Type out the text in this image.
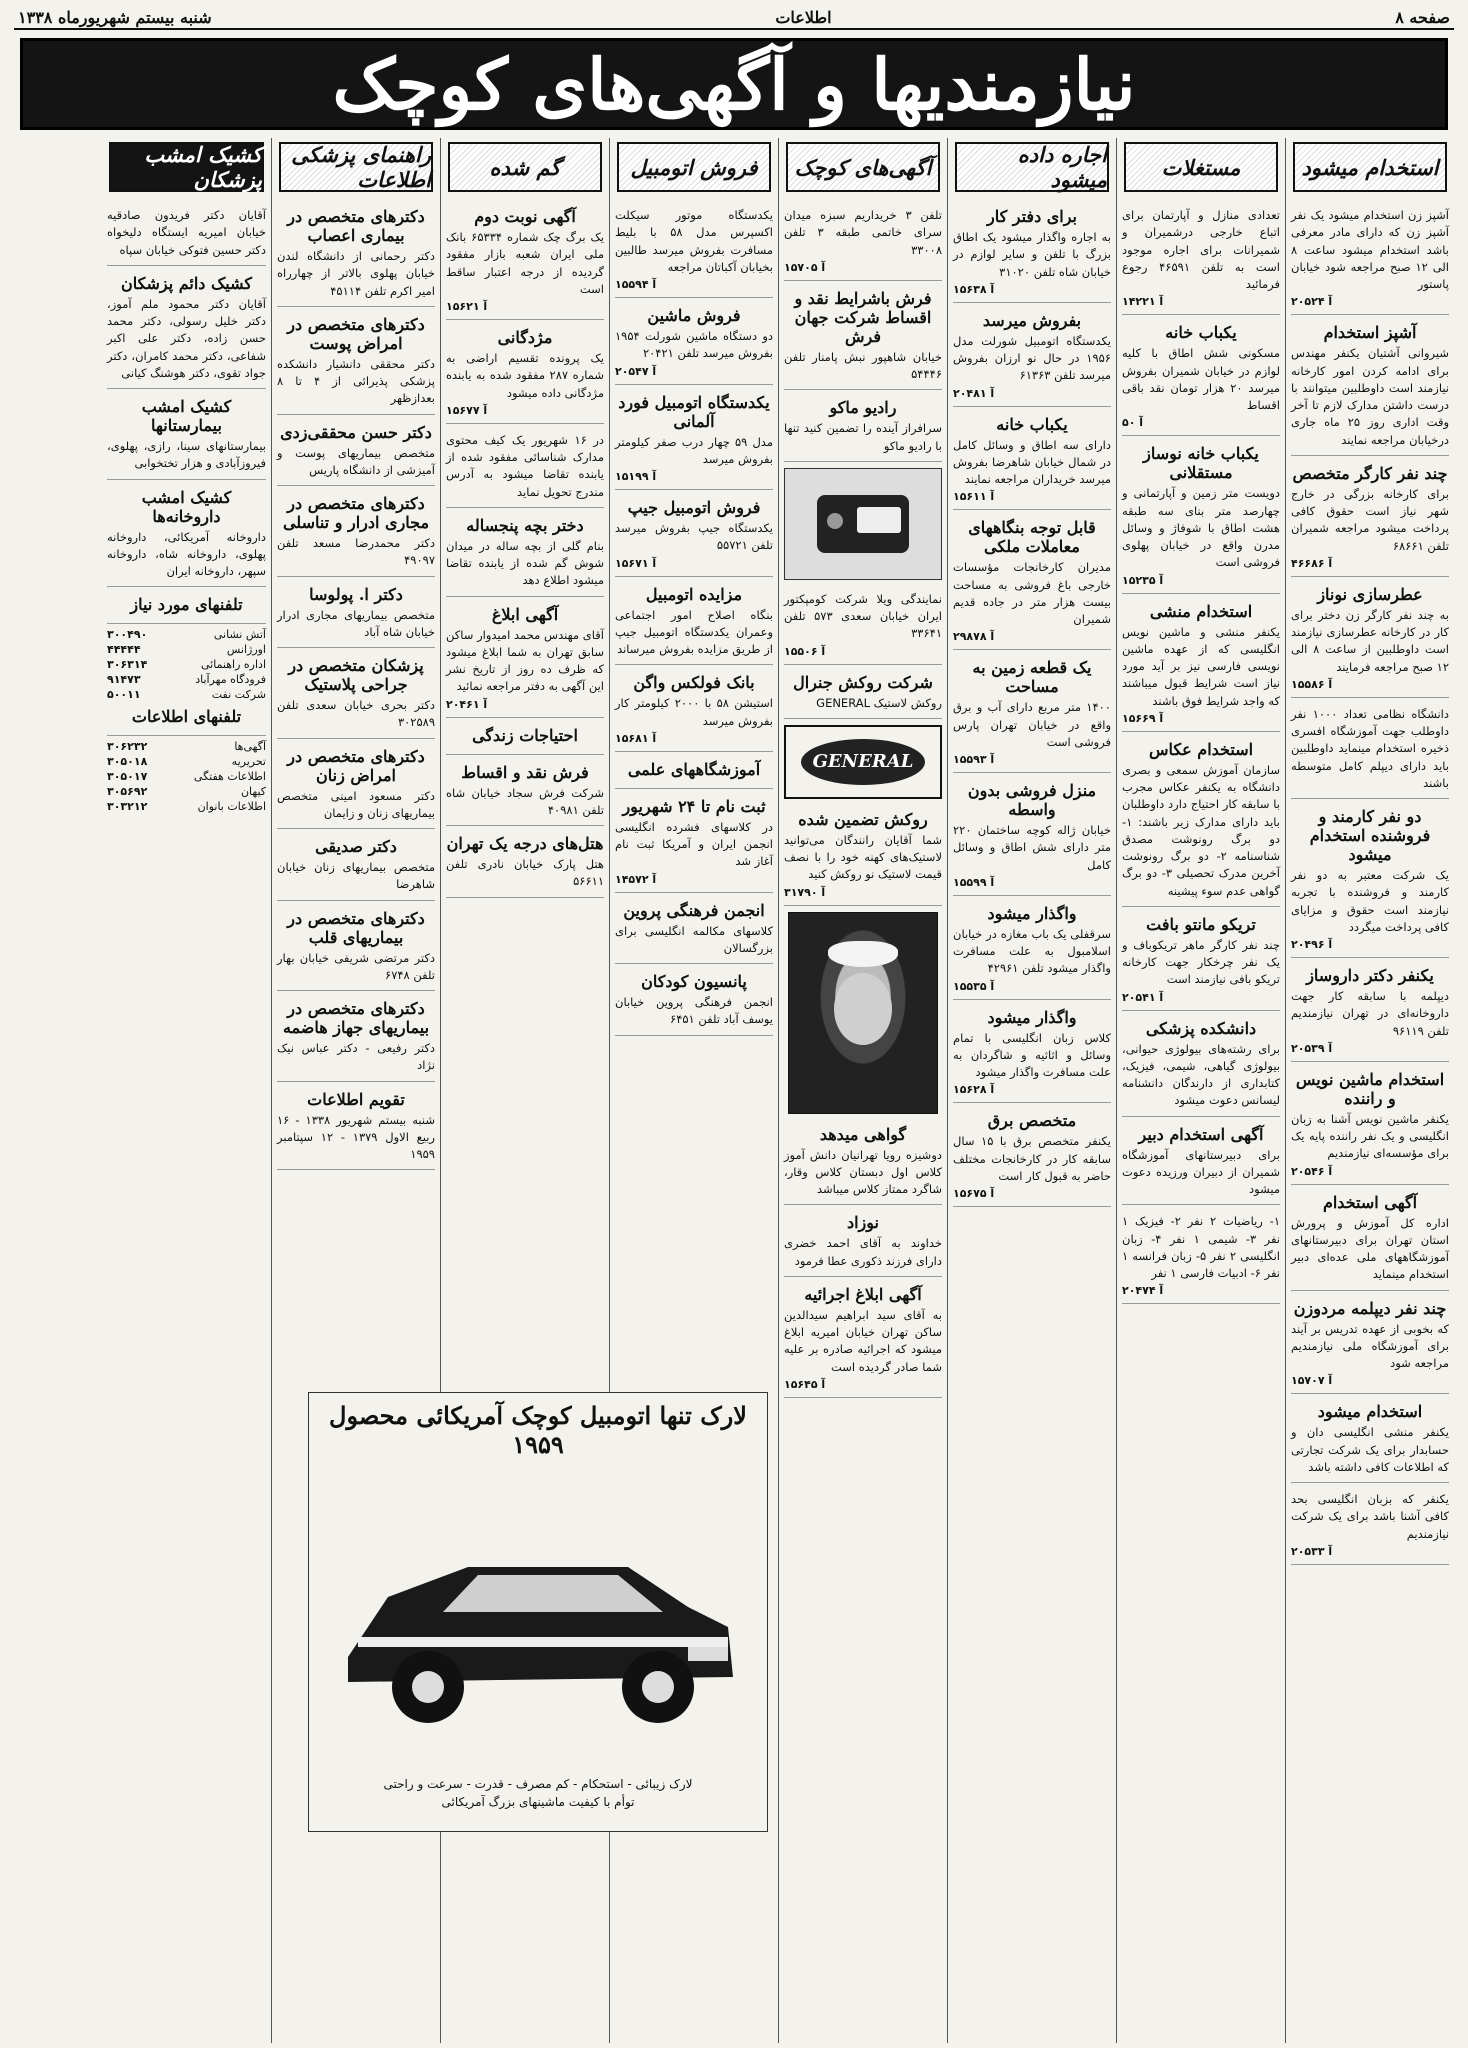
صفحه ۸
اطلاعات
شنبه بیستم شهریورماه ۱۳۳۸
نیازمندیها و آگهی‌های کوچک
استخدام میشود
آشپز زن استخدام میشود یک نفر آشپز زن که دارای مادر معرفی باشد استخدام میشود ساعت ۸ الی ۱۲ صبح مراجعه شود خیابان پاستور
آ ۲۰۵۲۴
آشپز استخدام
شیروانی آشتیان یکنفر مهندس برای ادامه کردن امور کارخانه نیازمند است داوطلبین میتوانند با درست داشتن مدارک لازم تا آخر وقت اداری روز ۲۵ ماه جاری درخیابان مراجعه نمایند
چند نفر کارگر متخصص
برای کارخانه بزرگی در خارج شهر نیاز است حقوق کافی پرداخت میشود مراجعه شمیران تلفن ۶۸۶۶۱
آ ۴۶۶۸۶
عطرسازی نوناز
به چند نفر کارگر زن دختر برای کار در کارخانه عطرسازی نیازمند است داوطلبین از ساعت ۸ الی ۱۲ صبح مراجعه فرمایند
آ ۱۵۵۸۶
دانشگاه نظامی تعداد ۱۰۰۰ نفر داوطلب جهت آموزشگاه افسری ذخیره استخدام مینماید داوطلبین باید دارای دیپلم کامل متوسطه باشند
دو نفر کارمند و فروشنده استخدام میشود
یک شرکت معتبر به دو نفر کارمند و فروشنده با تجربه نیازمند است حقوق و مزایای کافی پرداخت میگردد
آ ۲۰۴۹۶
یکنفر دکتر داروساز
دیپلمه با سابقه کار جهت داروخانه‌ای در تهران نیازمندیم تلفن ۹۶۱۱۹
آ ۲۰۵۳۹
استخدام ماشین نویس و راننده
یکنفر ماشین نویس آشنا به زبان انگلیسی و یک نفر راننده پایه یک برای مؤسسه‌ای نیازمندیم
آ ۲۰۵۴۶
آگهی استخدام
اداره کل آموزش و پرورش استان تهران برای دبیرستانهای آموزشگاههای ملی عده‌ای دبیر استخدام مینماید
چند نفر دیپلمه مردوزن
که بخوبی از عهده تدریس بر آیند برای آموزشگاه ملی نیازمندیم مراجعه شود
آ ۱۵۷۰۷
استخدام میشود
یکنفر منشی انگلیسی دان و حسابدار برای یک شرکت تجارتی که اطلاعات کافی داشته باشد
یکنفر که بزبان انگلیسی بحد کافی آشنا باشد برای یک شرکت نیازمندیم
آ ۲۰۵۳۳
مستغلات
تعدادی منازل و آپارتمان برای اتباع خارجی درشمیران و شمیرانات برای اجاره موجود است به تلفن ۴۶۵۹۱ رجوع فرمائید
آ ۱۴۲۲۱
یکباب خانه
مسکونی شش اطاق با کلیه لوازم در خیابان شمیران بفروش میرسد ۲۰ هزار تومان نقد باقی اقساط
آ ۵۰
یکباب خانه نوساز مستقلانی
دویست متر زمین و آپارتمانی و چهارصد متر بنای سه طبقه هشت اطاق با شوفاژ و وسائل مدرن واقع در خیابان پهلوی فروشی است
آ ۱۵۲۳۵
استخدام منشی
یکنفر منشی و ماشین نویس انگلیسی که از عهده ماشین نویسی فارسی نیز بر آید مورد نیاز است شرایط قبول میباشند که واجد شرایط فوق باشند
آ ۱۵۶۶۹
استخدام عکاس
سازمان آموزش سمعی و بصری دانشگاه به یکنفر عکاس مجرب با سابقه کار احتیاج دارد داوطلبان باید دارای مدارک زیر باشند: ۱- دو برگ رونوشت مصدق شناسنامه ۲- دو برگ رونوشت آخرین مدرک تحصیلی ۳- دو برگ گواهی عدم سوء پیشینه
تریکو مانتو بافت
چند نفر کارگر ماهر تریکوباف و یک نفر چرخکار جهت کارخانه تریکو بافی نیازمند است
آ ۲۰۵۴۱
دانشکده پزشکی
برای رشته‌های بیولوژی حیوانی، بیولوژی گیاهی، شیمی، فیزیک، کتابداری از دارندگان دانشنامه لیسانس دعوت میشود
آگهی استخدام دبیر
برای دبیرستانهای آموزشگاه شمیران از دبیران ورزیده دعوت میشود
۱- ریاضیات ۲ نفر ۲- فیزیک ۱ نفر ۳- شیمی ۱ نفر ۴- زبان انگلیسی ۲ نفر ۵- زبان فرانسه ۱ نفر ۶- ادبیات فارسی ۱ نفر
آ ۲۰۴۷۴
اجاره داده میشود
برای دفتر کار
به اجاره واگذار میشود یک اطاق بزرگ با تلفن و سایر لوازم در خیابان شاه تلفن ۳۱۰۲۰
آ ۱۵۶۳۸
بفروش میرسد
یکدستگاه اتومبیل شورلت مدل ۱۹۵۶ در حال نو ارزان بفروش میرسد تلفن ۶۱۳۶۳
آ ۲۰۴۸۱
یکباب خانه
دارای سه اطاق و وسائل کامل در شمال خیابان شاهرضا بفروش میرسد خریداران مراجعه نمایند
آ ۱۵۶۱۱
قابل توجه بنگاههای معاملات ملکی
مدیران کارخانجات مؤسسات خارجی باغ فروشی به مساحت بیست هزار متر در جاده قدیم شمیران
آ ۲۹۸۷۸
یک قطعه زمین به مساحت
۱۴۰۰ متر مربع دارای آب و برق واقع در خیابان تهران پارس فروشی است
آ ۱۵۵۹۳
منزل فروشی بدون واسطه
خیابان ژاله کوچه ساختمان ۲۲۰ متر دارای شش اطاق و وسائل کامل
آ ۱۵۵۹۹
واگذار میشود
سرقفلی یک باب مغازه در خیابان اسلامبول به علت مسافرت واگذار میشود تلفن ۴۲۹۶۱
آ ۱۵۵۳۵
واگذار میشود
کلاس زبان انگلیسی با تمام وسائل و اثاثیه و شاگردان به علت مسافرت واگذار میشود
آ ۱۵۶۲۸
متخصص برق
یکنفر متخصص برق با ۱۵ سال سابقه کار در کارخانجات مختلف حاضر به قبول کار است
آ ۱۵۶۷۵
آگهی‌های کوچک
تلفن ۳ خریداریم سبزه میدان سرای خاتمی طبقه ۳ تلفن ۳۳۰۰۸
آ ۱۵۷۰۵
فرش باشرایط نقد و اقساط شرکت جهان فرش
خیابان شاهپور نبش پامنار تلفن ۵۴۴۴۶
رادیو ماکو
سرافراز آینده را تضمین کنید تنها با رادیو ماکو
نمایندگی ویلا شرکت کومپکتور ایران خیابان سعدی ۵۷۳ تلفن ۳۳۶۴۱
آ ۱۵۵۰۶
شرکت روکش جنرال
روکش لاستیک GENERAL
GENERAL
روکش تضمین شده
شما آقایان رانندگان می‌توانید لاستیک‌های کهنه خود را با نصف قیمت لاستیک نو روکش کنید
آ ۳۱۷۹۰
گواهی میدهد
دوشیزه رویا تهرانیان دانش آموز کلاس اول دبستان کلاس وقار، شاگرد ممتاز کلاس میباشد
نوزاد
خداوند به آقای احمد خضری دارای فرزند ذکوری عطا فرمود
آگهی ابلاغ اجرائیه
به آقای سید ابراهیم سیدالدین ساکن تهران خیابان امیریه ابلاغ میشود که اجرائیه صادره بر علیه شما صادر گردیده است
آ ۱۵۶۴۵
فروش اتومبیل
یکدستگاه موتور سیکلت اکسپرس مدل ۵۸ با بلیط مسافرت بفروش میرسد طالبین بخیابان آکباتان مراجعه
آ ۱۵۵۹۴
فروش ماشین
دو دستگاه ماشین شورلت ۱۹۵۴ بفروش میرسد تلفن ۲۰۴۲۱
آ ۲۰۵۴۷
یکدستگاه اتومبیل فورد آلمانی
مدل ۵۹ چهار درب صفر کیلومتر بفروش میرسد
آ ۱۵۱۹۹
فروش اتومبیل جیپ
یکدستگاه جیپ بفروش میرسد تلفن ۵۵۷۲۱
آ ۱۵۶۷۱
مزایده اتومبیل
بنگاه اصلاح امور اجتماعی وعمران یکدستگاه اتومبیل جیپ از طریق مزایده بفروش میرساند
بانک فولکس واگن
استیشن ۵۸ با ۲۰۰۰ کیلومتر کار بفروش میرسد
آ ۱۵۶۸۱
آموزشگاههای علمی
ثبت نام تا ۲۴ شهریور
در کلاسهای فشرده انگلیسی انجمن ایران و آمریکا ثبت نام آغاز شد
آ ۱۴۵۷۲
انجمن فرهنگی پروین
کلاسهای مکالمه انگلیسی برای بزرگسالان
پانسیون کودکان
انجمن فرهنگی پروین خیابان یوسف آباد تلفن ۶۴۵۱
گم شده
آگهی نوبت دوم
یک برگ چک شماره ۶۵۳۳۴ بانک ملی ایران شعبه بازار مفقود گردیده از درجه اعتبار ساقط است
آ ۱۵۶۲۱
مژدگانی
یک پرونده تقسیم اراضی به شماره ۲۸۷ مفقود شده به یابنده مژدگانی داده میشود
آ ۱۵۶۷۷
در ۱۶ شهریور یک کیف محتوی مدارک شناسائی مفقود شده از یابنده تقاضا میشود به آدرس مندرج تحویل نماید
دختر بچه پنجساله
بنام گلی از بچه ساله در میدان شوش گم شده از یابنده تقاضا میشود اطلاع دهد
آگهی ابلاغ
آقای مهندس محمد امیدوار ساکن سابق تهران به شما ابلاغ میشود که ظرف ده روز از تاریخ نشر این آگهی به دفتر مراجعه نمائید
آ ۲۰۴۶۱
احتیاجات زندگی
فرش نقد و اقساط
شرکت فرش سجاد خیابان شاه تلفن ۴۰۹۸۱
هتل‌های درجه یک تهران
هتل پارک خیابان نادری تلفن ۵۶۶۱۱
راهنمای پزشکی اطلاعات
دکترهای متخصص در بیماری اعصاب
دکتر رحمانی از دانشگاه لندن خیابان پهلوی بالاتر از چهارراه امیر اکرم تلفن ۴۵۱۱۴
دکترهای متخصص در امراض پوست
دکتر محققی دانشیار دانشکده پزشکی پذیرائی از ۴ تا ۸ بعدازظهر
دکتر حسن محققی‌زدی
متخصص بیماریهای پوست و آمیزشی از دانشگاه پاریس
دکترهای متخصص در مجاری ادرار و تناسلی
دکتر محمدرضا مسعد تلفن ۴۹۰۹۷
دکتر ا. پولوسا
متخصص بیماریهای مجاری ادرار خیابان شاه آباد
پزشکان متخصص در جراحی پلاستیک
دکتر بحری خیابان سعدی تلفن ۳۰۲۵۸۹
دکترهای متخصص در امراض زنان
دکتر مسعود امینی متخصص بیماریهای زنان و زایمان
دکتر صدیقی
متخصص بیماریهای زنان خیابان شاهرضا
دکترهای متخصص در بیماریهای قلب
دکتر مرتضی شریفی خیابان بهار تلفن ۶۷۴۸
دکترهای متخصص در بیماریهای جهاز هاضمه
دکتر رفیعی - دکتر عباس نیک نژاد
تقویم اطلاعات
شنبه بیستم شهریور ۱۳۳۸ - ۱۶ ربیع الاول ۱۳۷۹ - ۱۲ سپتامبر ۱۹۵۹
کشیک امشب پزشکان
آقایان دکتر فریدون صادقیه خیابان امیریه ایستگاه دلیخواه دکتر حسین فتوکی خیابان سپاه
کشیک دائم پزشکان
آقایان دکتر محمود ملم آموز، دکتر خلیل رسولی، دکتر محمد حسن زاده، دکتر علی اکبر شفاعی، دکتر محمد کامران، دکتر جواد تقوی، دکتر هوشنگ کیانی
کشیک امشب بیمارستانها
بیمارستانهای سینا، رازی، پهلوی، فیروزآبادی و هزار تختخوابی
کشیک امشب داروخانه‌ها
داروخانه آمریکائی، داروخانه پهلوی، داروخانه شاه، داروخانه سپهر، داروخانه ایران
تلفنهای مورد نیاز
آتش نشانی	۳۰۰۴۹۰
اورژانس	۴۴۴۴۴
اداره راهنمائی	۳۰۶۳۱۴
فرودگاه مهرآباد	۹۱۴۷۳
شرکت نفت	۵۰۰۱۱
تلفنهای اطلاعات
آگهی‌ها	۳۰۶۲۳۲
تحریریه	۳۰۵۰۱۸
اطلاعات هفتگی	۳۰۵۰۱۷
کیهان	۳۰۵۶۹۲
اطلاعات بانوان	۳۰۳۲۱۲
لارک تنها اتومبیل کوچک آمریکائی محصول ۱۹۵۹
لارک زیبائی - استحکام - کم مصرف - قدرت - سرعت و راحتی
توأم با کیفیت ماشینهای بزرگ آمریکائی
